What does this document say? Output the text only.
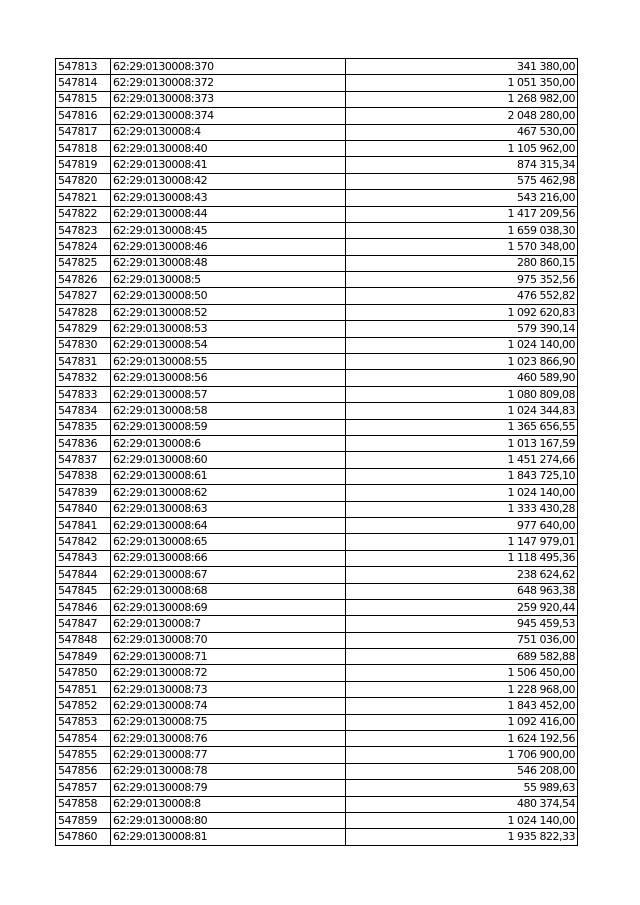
547813	62:29:0130008:370	341 380,00
547814	62:29:0130008:372	1 051 350,00
547815	62:29:0130008:373	1 268 982,00
547816	62:29:0130008:374	2 048 280,00
547817	62:29:0130008:4	467 530,00
547818	62:29:0130008:40	1 105 962,00
547819	62:29:0130008:41	874 315,34
547820	62:29:0130008:42	575 462,98
547821	62:29:0130008:43	543 216,00
547822	62:29:0130008:44	1 417 209,56
547823	62:29:0130008:45	1 659 038,30
547824	62:29:0130008:46	1 570 348,00
547825	62:29:0130008:48	280 860,15
547826	62:29:0130008:5	975 352,56
547827	62:29:0130008:50	476 552,82
547828	62:29:0130008:52	1 092 620,83
547829	62:29:0130008:53	579 390,14
547830	62:29:0130008:54	1 024 140,00
547831	62:29:0130008:55	1 023 866,90
547832	62:29:0130008:56	460 589,90
547833	62:29:0130008:57	1 080 809,08
547834	62:29:0130008:58	1 024 344,83
547835	62:29:0130008:59	1 365 656,55
547836	62:29:0130008:6	1 013 167,59
547837	62:29:0130008:60	1 451 274,66
547838	62:29:0130008:61	1 843 725,10
547839	62:29:0130008:62	1 024 140,00
547840	62:29:0130008:63	1 333 430,28
547841	62:29:0130008:64	977 640,00
547842	62:29:0130008:65	1 147 979,01
547843	62:29:0130008:66	1 118 495,36
547844	62:29:0130008:67	238 624,62
547845	62:29:0130008:68	648 963,38
547846	62:29:0130008:69	259 920,44
547847	62:29:0130008:7	945 459,53
547848	62:29:0130008:70	751 036,00
547849	62:29:0130008:71	689 582,88
547850	62:29:0130008:72	1 506 450,00
547851	62:29:0130008:73	1 228 968,00
547852	62:29:0130008:74	1 843 452,00
547853	62:29:0130008:75	1 092 416,00
547854	62:29:0130008:76	1 624 192,56
547855	62:29:0130008:77	1 706 900,00
547856	62:29:0130008:78	546 208,00
547857	62:29:0130008:79	55 989,63
547858	62:29:0130008:8	480 374,54
547859	62:29:0130008:80	1 024 140,00
547860	62:29:0130008:81	1 935 822,33
